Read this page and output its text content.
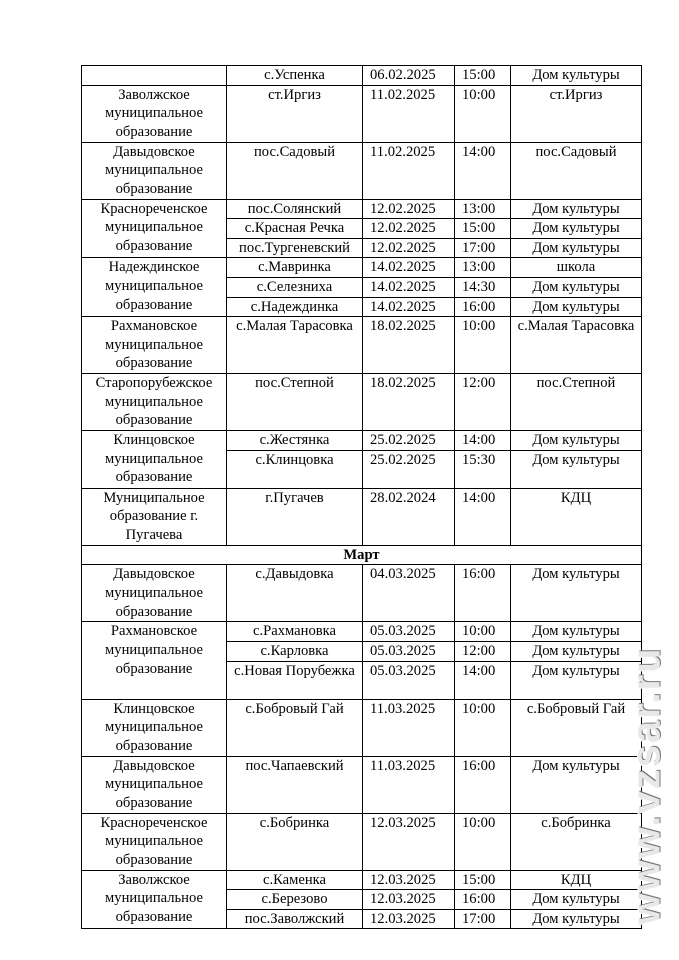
	с.Успенка	06.02.2025	15:00	Дом культуры
Заволжское муниципальное образование	ст.Иргиз	11.02.2025	10:00	ст.Иргиз
Давыдовское муниципальное образование	пос.Садовый	11.02.2025	14:00	пос.Садовый
Краснореченское муниципальное образование	пос.Солянский	12.02.2025	13:00	Дом культуры
	с.Красная Речка	12.02.2025	15:00	Дом культуры
	пос.Тургеневский	12.02.2025	17:00	Дом культуры
Надеждинское муниципальное образование	с.Мавринка	14.02.2025	13:00	школа
	с.Селезниха	14.02.2025	14:30	Дом культуры
	с.Надеждинка	14.02.2025	16:00	Дом культуры
Рахмановское муниципальное образование	с.Малая Тарасовка	18.02.2025	10:00	с.Малая Тарасовка
Старопорубежское муниципальное образование	пос.Степной	18.02.2025	12:00	пос.Степной
Клинцовское муниципальное образование	с.Жестянка	25.02.2025	14:00	Дом культуры
	с.Клинцовка	25.02.2025	15:30	Дом культуры
Муниципальное образование г. Пугачева	г.Пугачев	28.02.2024	14:00	КДЦ
Март				
Давыдовское муниципальное образование	с.Давыдовка	04.03.2025	16:00	Дом культуры
Рахмановское муниципальное образование	с.Рахмановка	05.03.2025	10:00	Дом культуры
	с.Карловка	05.03.2025	12:00	Дом культуры
	с.Новая Порубежка	05.03.2025	14:00	Дом культуры
Клинцовское муниципальное образование	с.Бобровый Гай	11.03.2025	10:00	с.Бобровый Гай
Давыдовское муниципальное образование	пос.Чапаевский	11.03.2025	16:00	Дом культуры
Краснореченское муниципальное образование	с.Бобринка	12.03.2025	10:00	с.Бобринка
Заволжское муниципальное образование	с.Каменка	12.03.2025	15:00	КДЦ
	с.Березово	12.03.2025	16:00	Дом культуры
	пос.Заволжский	12.03.2025	17:00	Дом культуры www.vzsar.ru
